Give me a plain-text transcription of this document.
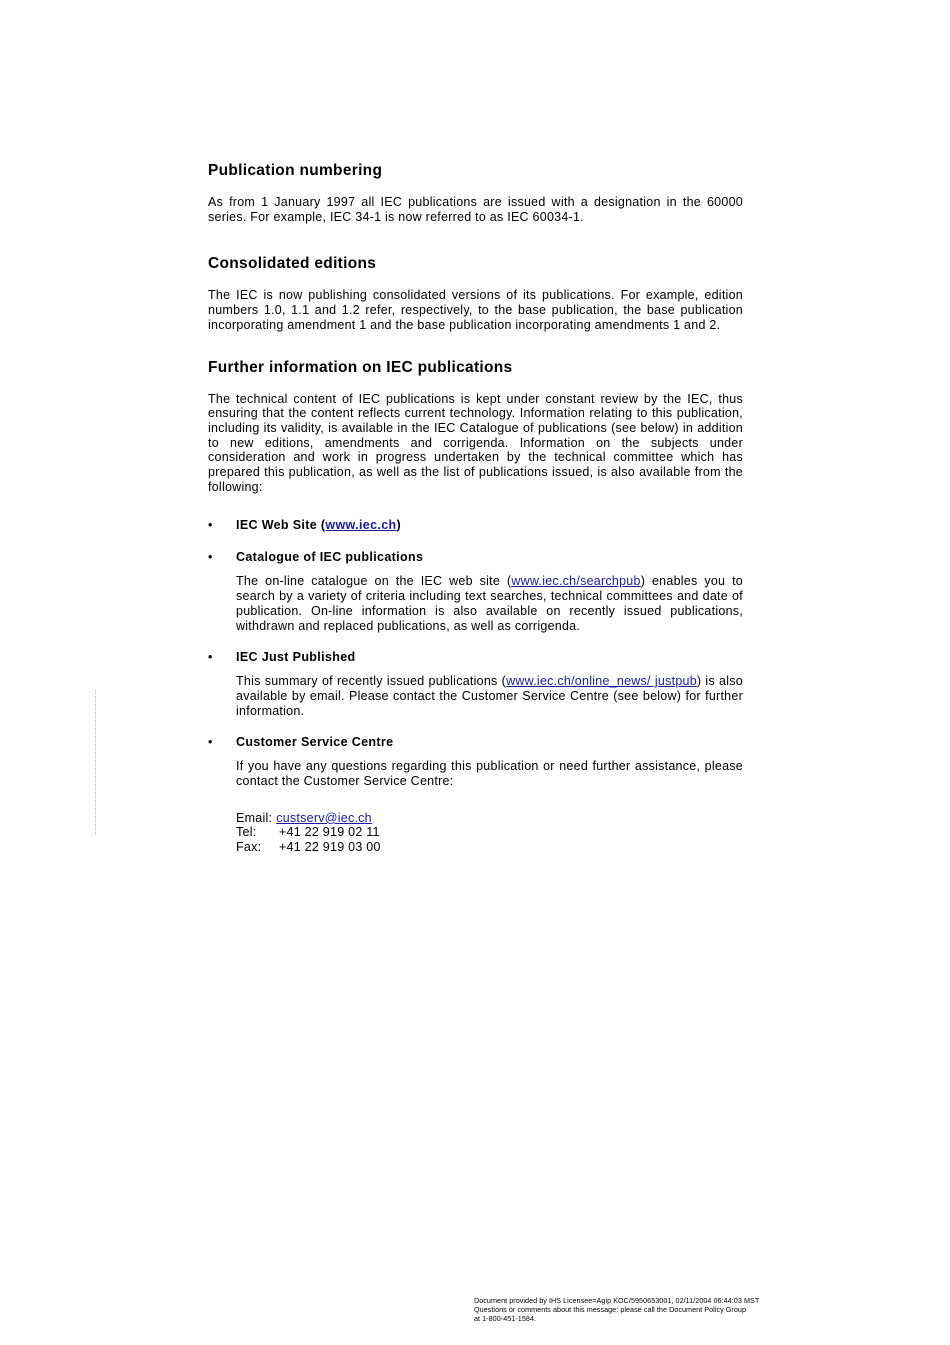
Publication numbering

As from 1 January 1997 all IEC publications are issued with a designation in the 60000 series. For example, IEC 34-1 is now referred to as IEC 60034-1.

Consolidated editions

The IEC is now publishing consolidated versions of its publications. For example, edition numbers 1.0, 1.1 and 1.2 refer, respectively, to the base publication, the base publication incorporating amendment 1 and the base publication incorporating amendments 1 and 2.

Further information on IEC publications

The technical content of IEC publications is kept under constant review by the IEC, thus ensuring that the content reflects current technology. Information relating to this publication, including its validity, is available in the IEC Catalogue of publications (see below) in addition to new editions, amendments and corrigenda. Information on the subjects under consideration and work in progress undertaken by the technical committee which has prepared this publication, as well as the list of publications issued, is also available from the following:

•	IEC Web Site (www.iec.ch)
•	Catalogue of IEC publications

The on-line catalogue on the IEC web site (www.iec.ch/searchpub) enables you to search by a variety of criteria including text searches, technical committees and date of publication. On-line information is also available on recently issued publications, withdrawn and replaced publications, as well as corrigenda.

•	IEC Just Published

This summary of recently issued publications (www.iec.ch/online_news/ justpub) is also available by email. Please contact the Customer Service Centre (see below) for further information.

•	Customer Service Centre

If you have any questions regarding this publication or need further assistance, please contact the Customer Service Centre:

Email: custserv@iec.ch
Tel:	+41 22 919 02 11
Fax:	+41 22 919 03 00
Document provided by IHS Licensee=Agip KOC/5950653001, 02/11/2004 06:44:03 MST
Questions or comments about this message: please call the Document Policy Group
at 1-800-451-1584.
